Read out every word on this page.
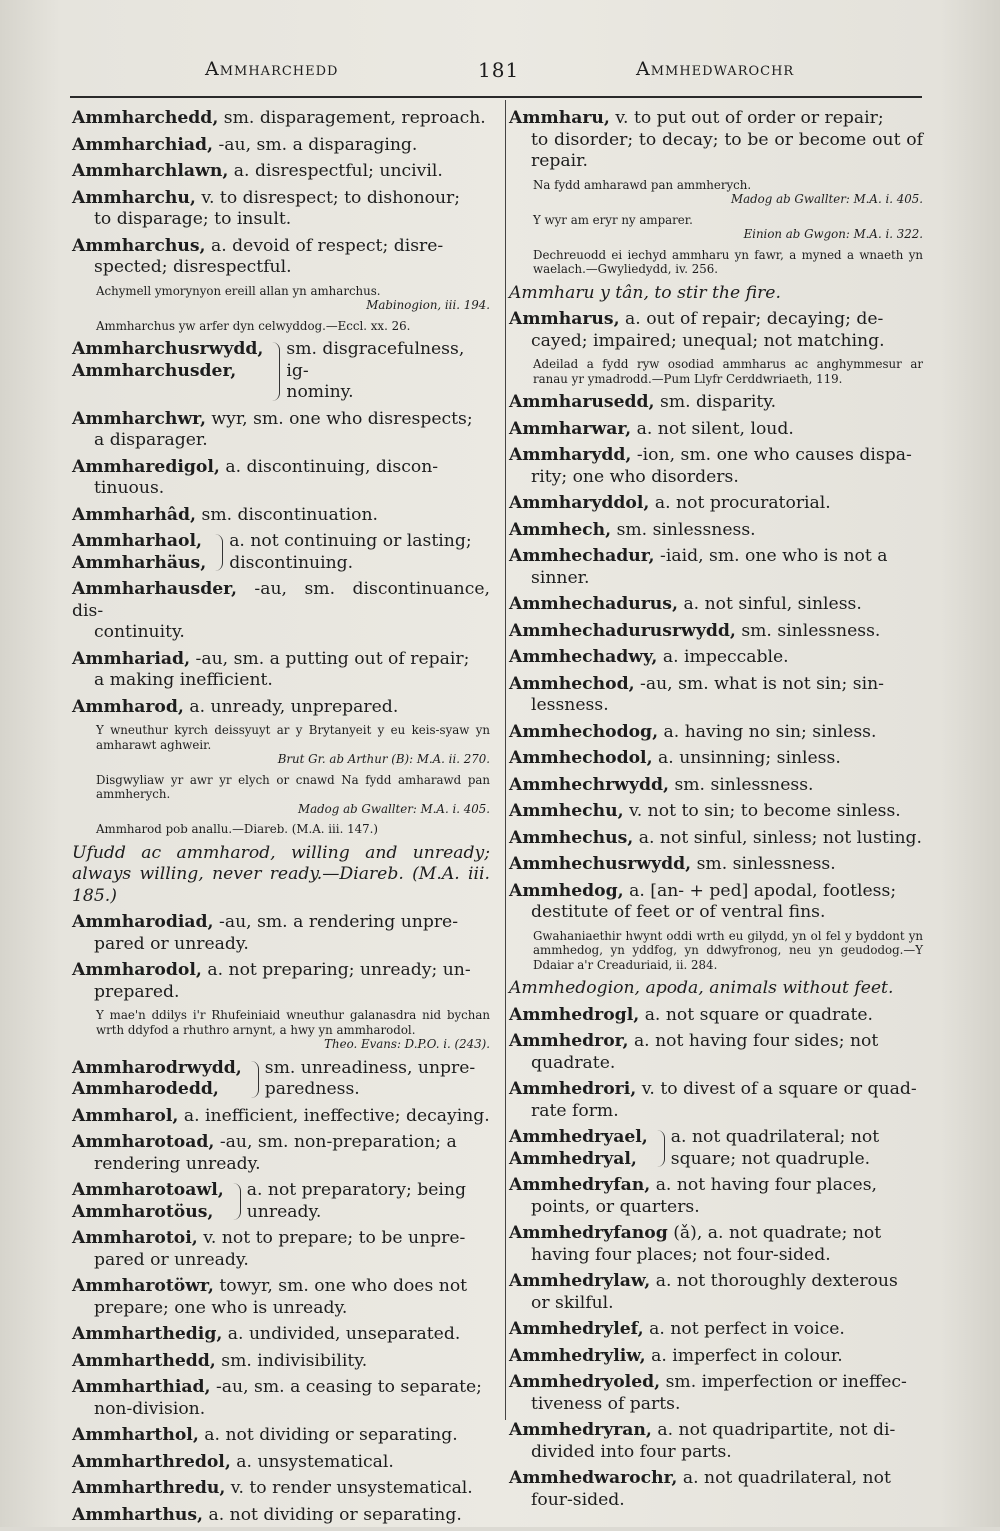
Ammharchedd	181	Ammhedwarochr
Ammharchedd, sm. disparagement, reproach.
Ammharchiad, -au, sm. a disparaging.
Ammharchlawn, a. disrespectful; uncivil.
Ammharchu, v. to disrespect; to dishonour;
to disparage; to insult.
Ammharchus, a. devoid of respect; disre-
spected; disrespectful.
Achymell ymorynyon ereill allan yn amharchus.
Mabinogion, iii. 194.
Ammharchus yw arfer dyn celwyddog.—Eccl. xx. 26.
Ammharchusrwydd,
Ammharchusder,
sm. disgracefulness, ig-
nominy.
Ammharchwr, wyr, sm. one who disrespects;
a disparager.
Ammharedigol, a. discontinuing, discon-
tinuous.
Ammharhâd, sm. discontinuation.
Ammharhaol,
Ammharhäus,
a. not continuing or lasting;
discontinuing.
Ammharhausder, -au, sm. discontinuance, dis-
continuity.
Ammhariad, -au, sm. a putting out of repair;
a making inefficient.
Ammharod, a. unready, unprepared.
Y wneuthur kyrch deissyuyt ar y Brytanyeit y eu keis-syaw yn amharawt aghweir.
Brut Gr. ab Arthur (B): M.A. ii. 270.
Disgwyliaw yr awr yr elych or cnawd Na fydd amharawd pan ammherych.
Madog ab Gwallter: M.A. i. 405.
Ammharod pob anallu.—Diareb. (M.A. iii. 147.)
Ufudd ac ammharod, willing and unready; always willing, never ready.—Diareb. (M.A. iii. 185.)
Ammharodiad, -au, sm. a rendering unpre-
pared or unready.
Ammharodol, a. not preparing; unready; un-
prepared.
Y mae'n ddilys i'r Rhufeiniaid wneuthur galanasdra nid bychan wrth ddyfod a rhuthro arnynt, a hwy yn ammharodol.
Theo. Evans: D.P.O. i. (243).
Ammharodrwydd,
Ammharodedd,
sm. unreadiness, unpre-
paredness.
Ammharol, a. inefficient, ineffective; decaying.
Ammharotoad, -au, sm. non-preparation; a
rendering unready.
Ammharotoawl,
Ammharotöus,
a. not preparatory; being
unready.
Ammharotoi, v. not to prepare; to be unpre-
pared or unready.
Ammharotöwr, towyr, sm. one who does not
prepare; one who is unready.
Ammharthedig, a. undivided, unseparated.
Ammharthedd, sm. indivisibility.
Ammharthiad, -au, sm. a ceasing to separate;
non-division.
Ammharthol, a. not dividing or separating.
Ammharthredol, a. unsystematical.
Ammharthredu, v. to render unsystematical.
Ammharthus, a. not dividing or separating.
Ammharu, v. to put out of order or repair;
to disorder; to decay; to be or become out of repair.
Na fydd amharawd pan ammherych.
Madog ab Gwallter: M.A. i. 405.
Y wyr am eryr ny amparer.
Einion ab Gwgon: M.A. i. 322.
Dechreuodd ei iechyd ammharu yn fawr, a myned a wnaeth yn waelach.—Gwyliedydd, iv. 256.
Ammharu y tân, to stir the fire.
Ammharus, a. out of repair; decaying; de-
cayed; impaired; unequal; not matching.
Adeilad a fydd ryw osodiad ammharus ac anghymmesur ar ranau yr ymadrodd.—Pum Llyfr Cerddwriaeth, 119.
Ammharusedd, sm. disparity.
Ammharwar, a. not silent, loud.
Ammharydd, -ion, sm. one who causes dispa-
rity; one who disorders.
Ammharyddol, a. not procuratorial.
Ammhech, sm. sinlessness.
Ammhechadur, -iaid, sm. one who is not a
sinner.
Ammhechadurus, a. not sinful, sinless.
Ammhechadurusrwydd, sm. sinlessness.
Ammhechadwy, a. impeccable.
Ammhechod, -au, sm. what is not sin; sin-
lessness.
Ammhechodog, a. having no sin; sinless.
Ammhechodol, a. unsinning; sinless.
Ammhechrwydd, sm. sinlessness.
Ammhechu, v. not to sin; to become sinless.
Ammhechus, a. not sinful, sinless; not lusting.
Ammhechusrwydd, sm. sinlessness.
Ammhedog, a. [an- + ped] apodal, footless;
destitute of feet or of ventral fins.
Gwahaniaethir hwynt oddi wrth eu gilydd, yn ol fel y byddont yn ammhedog, yn yddfog, yn ddwyfronog, neu yn geudodog.—Y Ddaiar a'r Creaduriaid, ii. 284.
Ammhedogion, apoda, animals without feet.
Ammhedrogl, a. not square or quadrate.
Ammhedror, a. not having four sides; not
quadrate.
Ammhedrori, v. to divest of a square or quad-
rate form.
Ammhedryael,
Ammhedryal,
a. not quadrilateral; not
square; not quadruple.
Ammhedryfan, a. not having four places,
points, or quarters.
Ammhedryfanog (ǎ), a. not quadrate; not
having four places; not four-sided.
Ammhedrylaw, a. not thoroughly dexterous
or skilful.
Ammhedrylef, a. not perfect in voice.
Ammhedryliw, a. imperfect in colour.
Ammhedryoled, sm. imperfection or ineffec-
tiveness of parts.
Ammhedryran, a. not quadripartite, not di-
divided into four parts.
Ammhedwarochr, a. not quadrilateral, not
four-sided.
